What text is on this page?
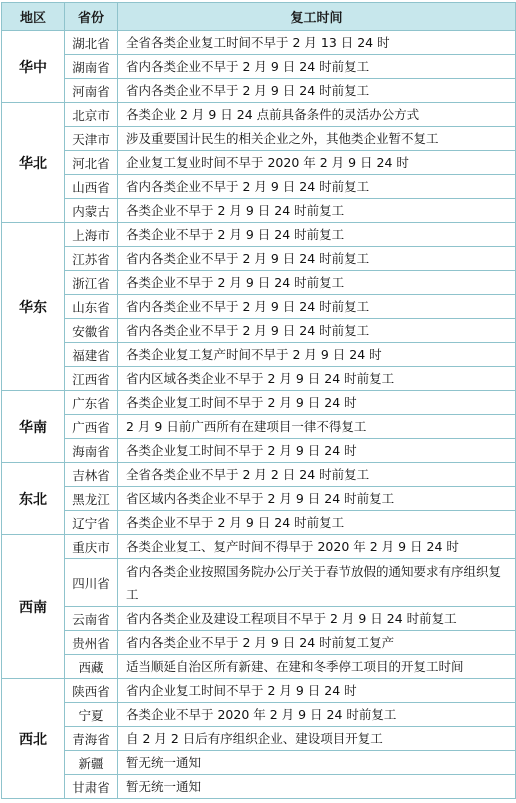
地区	省份	复工时间
华中	湖北省	全省各类企业复工时间不早于 2 月 13 日 24 时
	湖南省	省内各类企业不早于 2 月 9 日 24 时前复工
	河南省	省内各类企业不早于 2 月 9 日 24 时前复工
华北	北京市	各类企业 2 月 9 日 24 点前具备条件的灵活办公方式
	天津市	涉及重要国计民生的相关企业之外，其他类企业暂不复工
	河北省	企业复工复业时间不早于 2020 年 2 月 9 日 24 时
	山西省	省内各类企业不早于 2 月 9 日 24 时前复工
	内蒙古	各类企业不早于 2 月 9 日 24 时前复工
华东	上海市	各类企业不早于 2 月 9 日 24 时前复工
	江苏省	省内各类企业不早于 2 月 9 日 24 时前复工
	浙江省	各类企业不早于 2 月 9 日 24 时前复工
	山东省	省内各类企业不早于 2 月 9 日 24 时前复工
	安徽省	省内各类企业不早于 2 月 9 日 24 时前复工
	福建省	各类企业复工复产时间不早于 2 月 9 日 24 时
	江西省	省内区域各类企业不早于 2 月 9 日 24 时前复工
华南	广东省	各类企业复工时间不早于 2 月 9 日 24 时
	广西省	2 月 9 日前广西所有在建项目一律不得复工
	海南省	各类企业复工时间不早于 2 月 9 日 24 时
东北	吉林省	全省各类企业不早于 2 月 2 日 24 时前复工
	黑龙江	省区域内各类企业不早于 2 月 9 日 24 时前复工
	辽宁省	各类企业不早于 2 月 9 日 24 时前复工
西南	重庆市	各类企业复工、复产时间不得早于 2020 年 2 月 9 日 24 时
	四川省	省内各类企业按照国务院办公厅关于春节放假的通知要求有序组织复工
	云南省	省内各类企业及建设工程项目不早于 2 月 9 日 24 时前复工
	贵州省	省内各类企业不早于 2 月 9 日 24 时前复工复产
	西藏	适当顺延自治区所有新建、在建和冬季停工项目的开复工时间
西北	陕西省	省内企业复工时间不早于 2 月 9 日 24 时
	宁夏	各类企业不早于 2020 年 2 月 9 日 24 时前复工
	青海省	自 2 月 2 日后有序组织企业、建设项目开复工
	新疆	暂无统一通知
	甘肃省	暂无统一通知
